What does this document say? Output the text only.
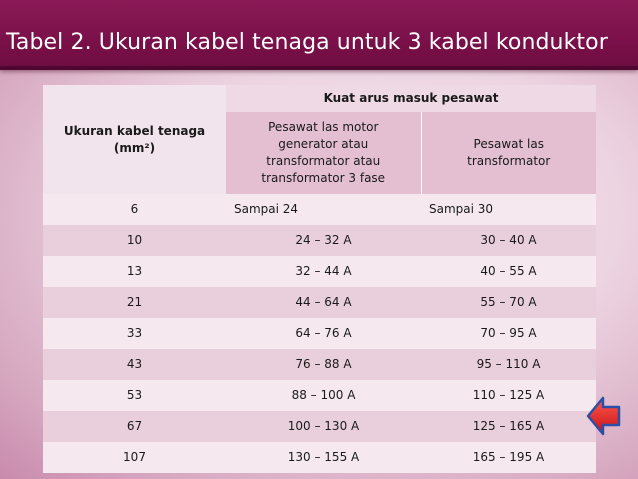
Tabel 2. Ukuran kabel tenaga untuk 3 kabel konduktor
Ukuran kabel tenaga (mm²)	Kuat arus masuk pesawat	

	Pesawat las motor generator atau transformator atau transformator 3 fase	Pesawat las transformator

6	Sampai 24	Sampai 30
10	24 – 32 A	30 – 40 A
13	32 – 44 A	40 – 55 A
21	44 – 64 A	55 – 70 A
33	64 – 76 A	70 – 95 A
43	76 – 88 A	95 – 110 A
53	88 – 100 A	110 – 125 A
67	100 – 130 A	125 – 165 A
107	130 – 155 A	165 – 195 A
